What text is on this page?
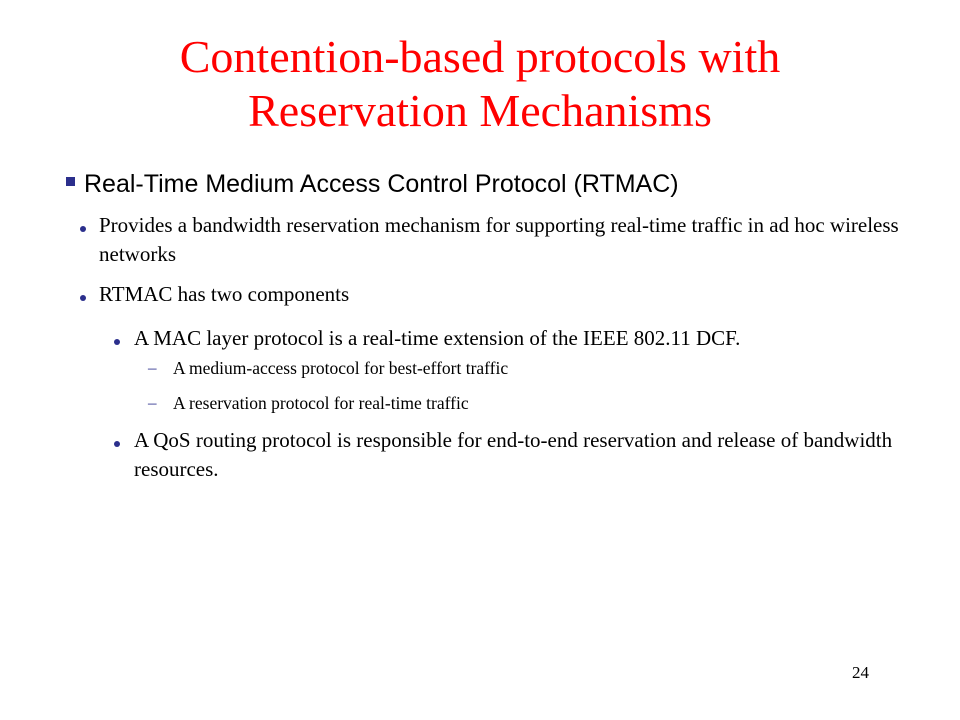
Contention-based protocols with
Reservation Mechanisms
Real-Time Medium Access Control Protocol (RTMAC)
Provides a bandwidth reservation mechanism for supporting real-time traffic in ad hoc wireless networks
RTMAC has two components
A MAC layer protocol is a real-time extension of the IEEE 802.11 DCF.
– A medium-access protocol for best-effort traffic
– A reservation protocol for real-time traffic
A QoS routing protocol is responsible for end-to-end reservation and release of bandwidth resources.
24
